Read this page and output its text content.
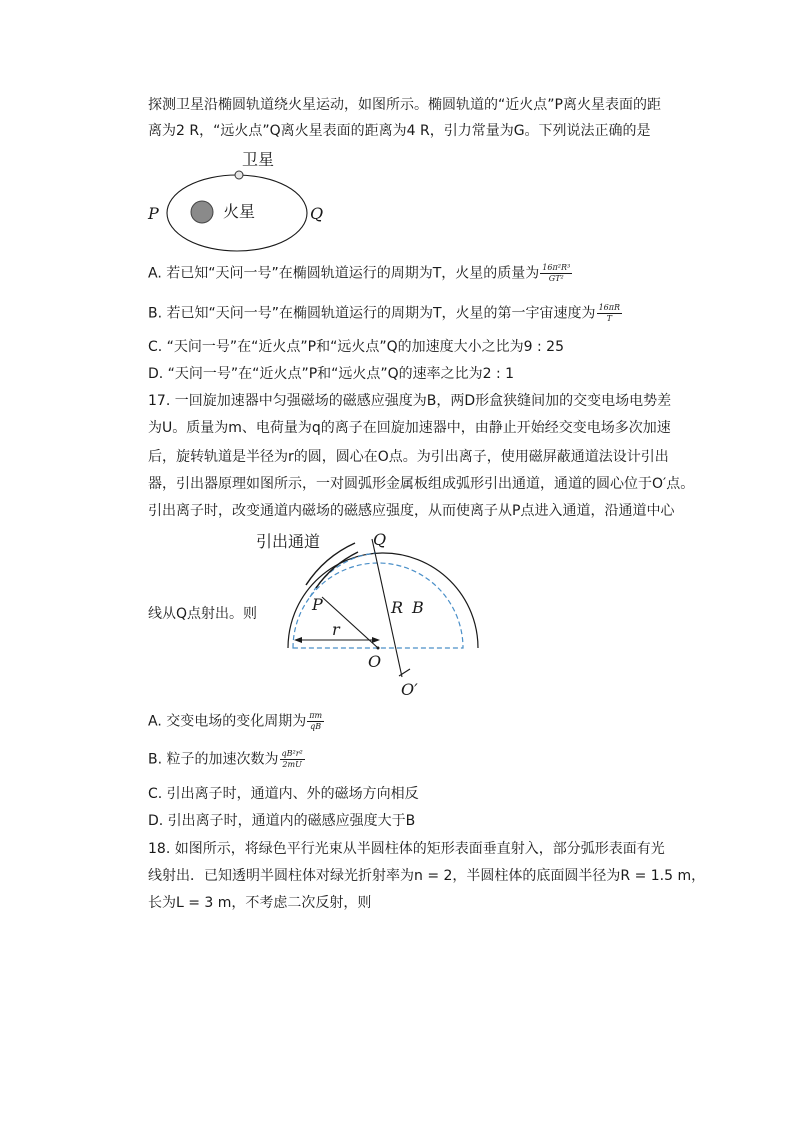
探测卫星沿椭圆轨道绕火星运动，如图所示。椭圆轨道的“近火点”P离火星表面的距
离为2 R，“远火点”Q离火星表面的距离为4 R，引力常量为G。下列说法正确的是
卫星
火星
P	Q
A. 若已知“天问一号”在椭圆轨道运行的周期为T，火星的质量为 $\frac{\text{16π²R³}}{\text{GT²}}$
B. 若已知“天问一号”在椭圆轨道运行的周期为T，火星的第一宇宙速度为 $\frac{16\pi R}{T}$
C. “天问一号”在“近火点”P和“远火点”Q的加速度大小之比为9 : 25
D. “天问一号”在“近火点”P和“远火点”Q的速率之比为2 : 1
17. 一回旋加速器中匀强磁场的磁感应强度为B，两D形盒狭缝间加的交变电场电势差
为U。质量为m、电荷量为q的离子在回旋加速器中，由静止开始经交变电场多次加速
后，旋转轨道是半径为r的圆，圆心在O点。为引出离子，使用磁屏蔽通道法设计引出
器，引出器原理如图所示，一对圆弧形金属板组成弧形引出通道，通道的圆心位于O′点。
引出离子时，改变通道内磁场的磁感应强度，从而使离子从P点进入通道，沿通道中心
线从Q点射出。则
引出通道	Q
P	R B
r
O
O′
A. 交变电场的变化周期为 $\frac{\pi m}{qB}$
B. 粒子的加速次数为 $\frac{\text{qB²r²}}{2mU}$
C. 引出离子时，通道内、外的磁场方向相反
D. 引出离子时，通道内的磁感应强度大于B
18. 如图所示，将绿色平行光束从半圆柱体的矩形表面垂直射入，部分弧形表面有光
线射出．已知透明半圆柱体对绿光折射率为n = 2，半圆柱体的底面圆半径为R = 1.5 m，
长为L = 3 m，不考虑二次反射，则
